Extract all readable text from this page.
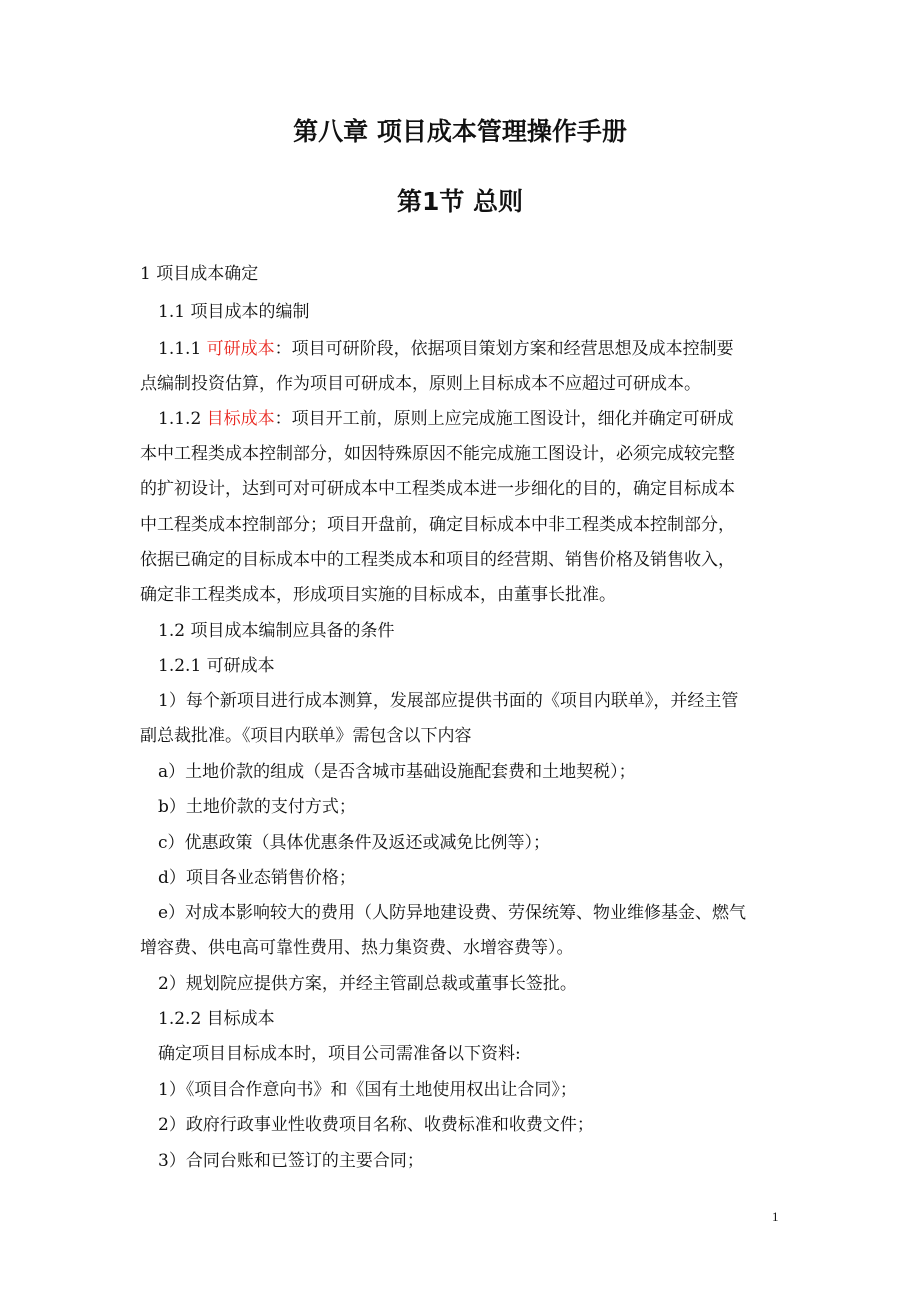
第八章 项目成本管理操作手册
第1节 总则

1 项目成本确定

1.1 项目成本的编制

1.1.1 可研成本：项目可研阶段，依据项目策划方案和经营思想及成本控制要

点编制投资估算，作为项目可研成本，原则上目标成本不应超过可研成本。

1.1.2 目标成本：项目开工前，原则上应完成施工图设计，细化并确定可研成

本中工程类成本控制部分，如因特殊原因不能完成施工图设计，必须完成较完整

的扩初设计，达到可对可研成本中工程类成本进一步细化的目的，确定目标成本

中工程类成本控制部分；项目开盘前，确定目标成本中非工程类成本控制部分，

依据已确定的目标成本中的工程类成本和项目的经营期、销售价格及销售收入，

确定非工程类成本，形成项目实施的目标成本，由董事长批准。

1.2 项目成本编制应具备的条件

1.2.1 可研成本

1）每个新项目进行成本测算，发展部应提供书面的《项目内联单》，并经主管

副总裁批准。《项目内联单》需包含以下内容

a）土地价款的组成（是否含城市基础设施配套费和土地契税）；

b）土地价款的支付方式；

c）优惠政策（具体优惠条件及返还或减免比例等）；

d）项目各业态销售价格；

e）对成本影响较大的费用（人防异地建设费、劳保统筹、物业维修基金、燃气

增容费、供电高可靠性费用、热力集资费、水增容费等）。

2）规划院应提供方案，并经主管副总裁或董事长签批。

1.2.2 目标成本

确定项目目标成本时，项目公司需准备以下资料:

1）《项目合作意向书》和《国有土地使用权出让合同》；

2）政府行政事业性收费项目名称、收费标准和收费文件；

3）合同台账和已签订的主要合同；

1
